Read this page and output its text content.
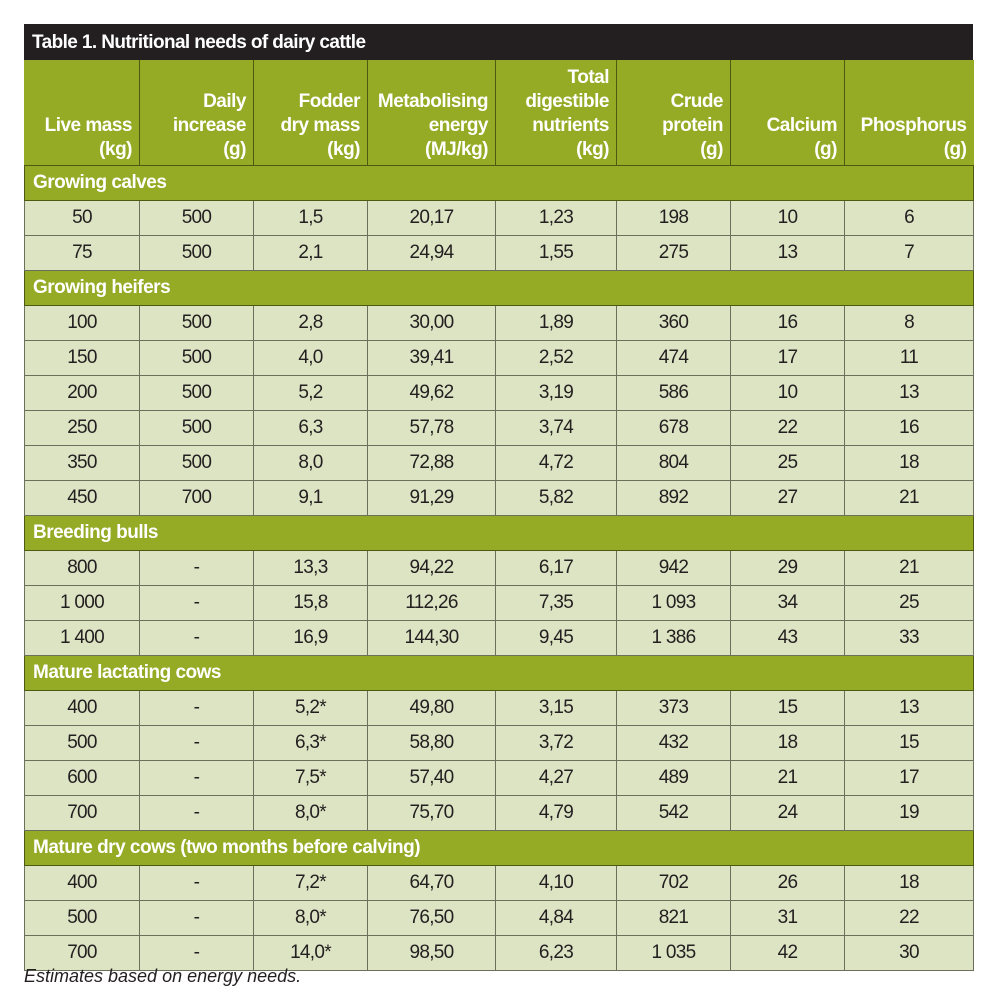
Table 1. Nutritional needs of dairy cattle
Live mass
(kg)	Daily
increase
(g)	Fodder
dry mass
(kg)	Metabolising
energy
(MJ/kg)	Total
digestible
nutrients
(kg)	Crude
protein
(g)	Calcium
(g)	Phosphorus
(g)
Growing calves							
50	500	1,5	20,17	1,23	198	10	6
75	500	2,1	24,94	1,55	275	13	7
Growing heifers							
100	500	2,8	30,00	1,89	360	16	8
150	500	4,0	39,41	2,52	474	17	11
200	500	5,2	49,62	3,19	586	10	13
250	500	6,3	57,78	3,74	678	22	16
350	500	8,0	72,88	4,72	804	25	18
450	700	9,1	91,29	5,82	892	27	21
Breeding bulls							
800	-	13,3	94,22	6,17	942	29	21
1 000	-	15,8	112,26	7,35	1 093	34	25
1 400	-	16,9	144,30	9,45	1 386	43	33
Mature lactating cows							
400	-	5,2*	49,80	3,15	373	15	13
500	-	6,3*	58,80	3,72	432	18	15
600	-	7,5*	57,40	4,27	489	21	17
700	-	8,0*	75,70	4,79	542	24	19
Mature dry cows (two months before calving)							
400	-	7,2*	64,70	4,10	702	26	18
500	-	8,0*	76,50	4,84	821	31	22
700	-	14,0*	98,50	6,23	1 035	42	30
Estimates based on energy needs.
